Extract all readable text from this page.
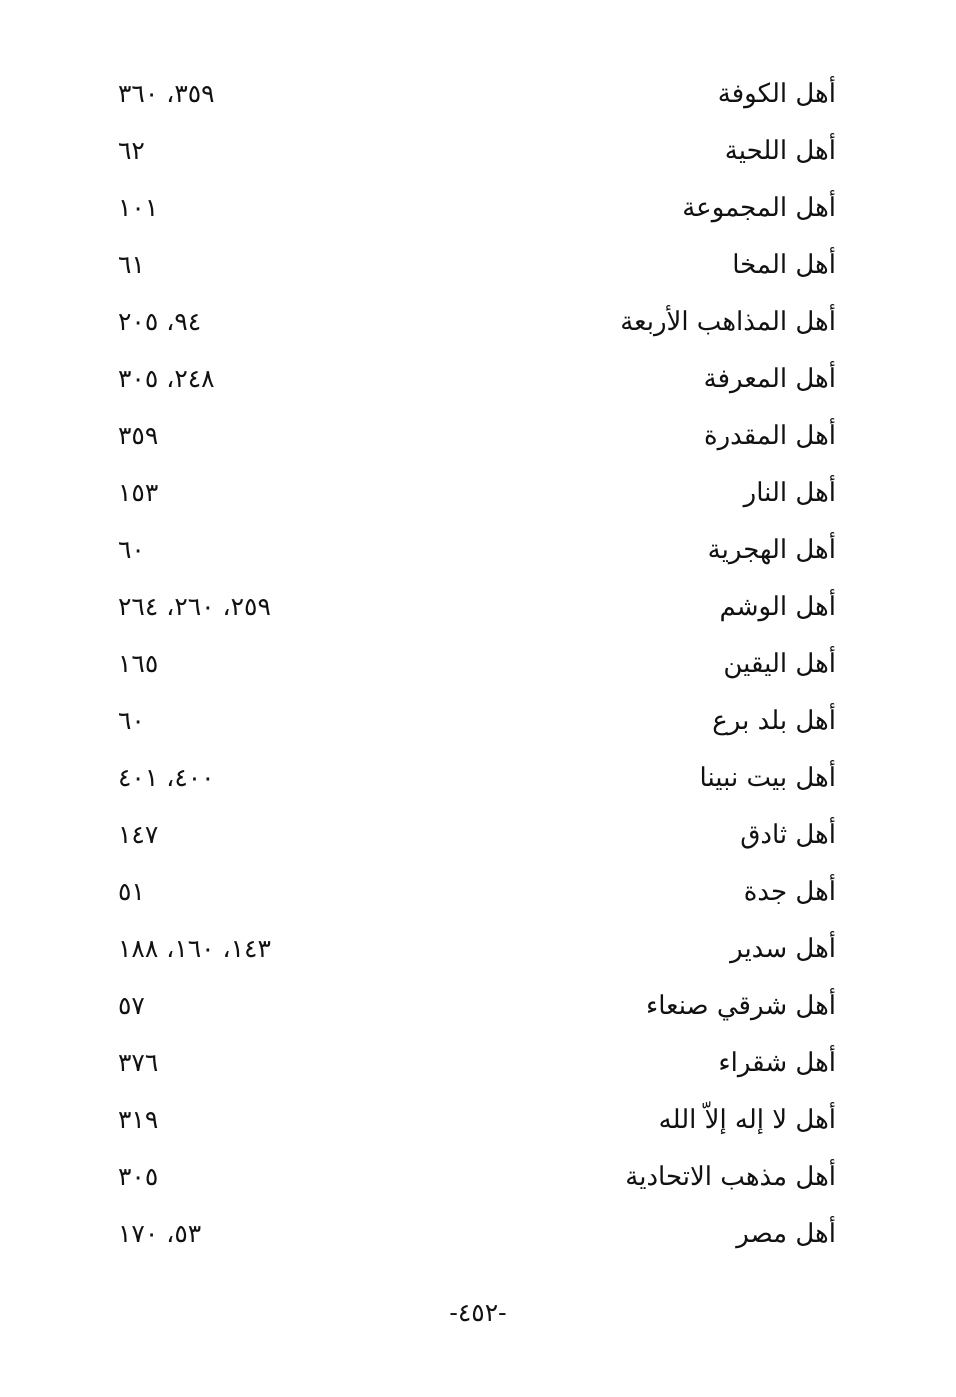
أهل الكوفة
٣٥٩، ٣٦٠
أهل اللحية
٦٢
أهل المجموعة
١٠١
أهل المخا
٦١
أهل المذاهب الأربعة
٩٤، ٢٠٥
أهل المعرفة
٢٤٨، ٣٠٥
أهل المقدرة
٣٥٩
أهل النار
١٥٣
أهل الهجرية
٦٠
أهل الوشم
٢٥٩، ٢٦٠، ٢٦٤
أهل اليقين
١٦٥
أهل بلد برع
٦٠
أهل بيت نبينا
٤٠٠، ٤٠١
أهل ثادق
١٤٧
أهل جدة
٥١
أهل سدير
١٤٣، ١٦٠، ١٨٨
أهل شرقي صنعاء
٥٧
أهل شقراء
٣٧٦
أهل لا إله إلاّ الله
٣١٩
أهل مذهب الاتحادية
٣٠٥
أهل مصر
٥٣، ١٧٠
-٤٥٢-
